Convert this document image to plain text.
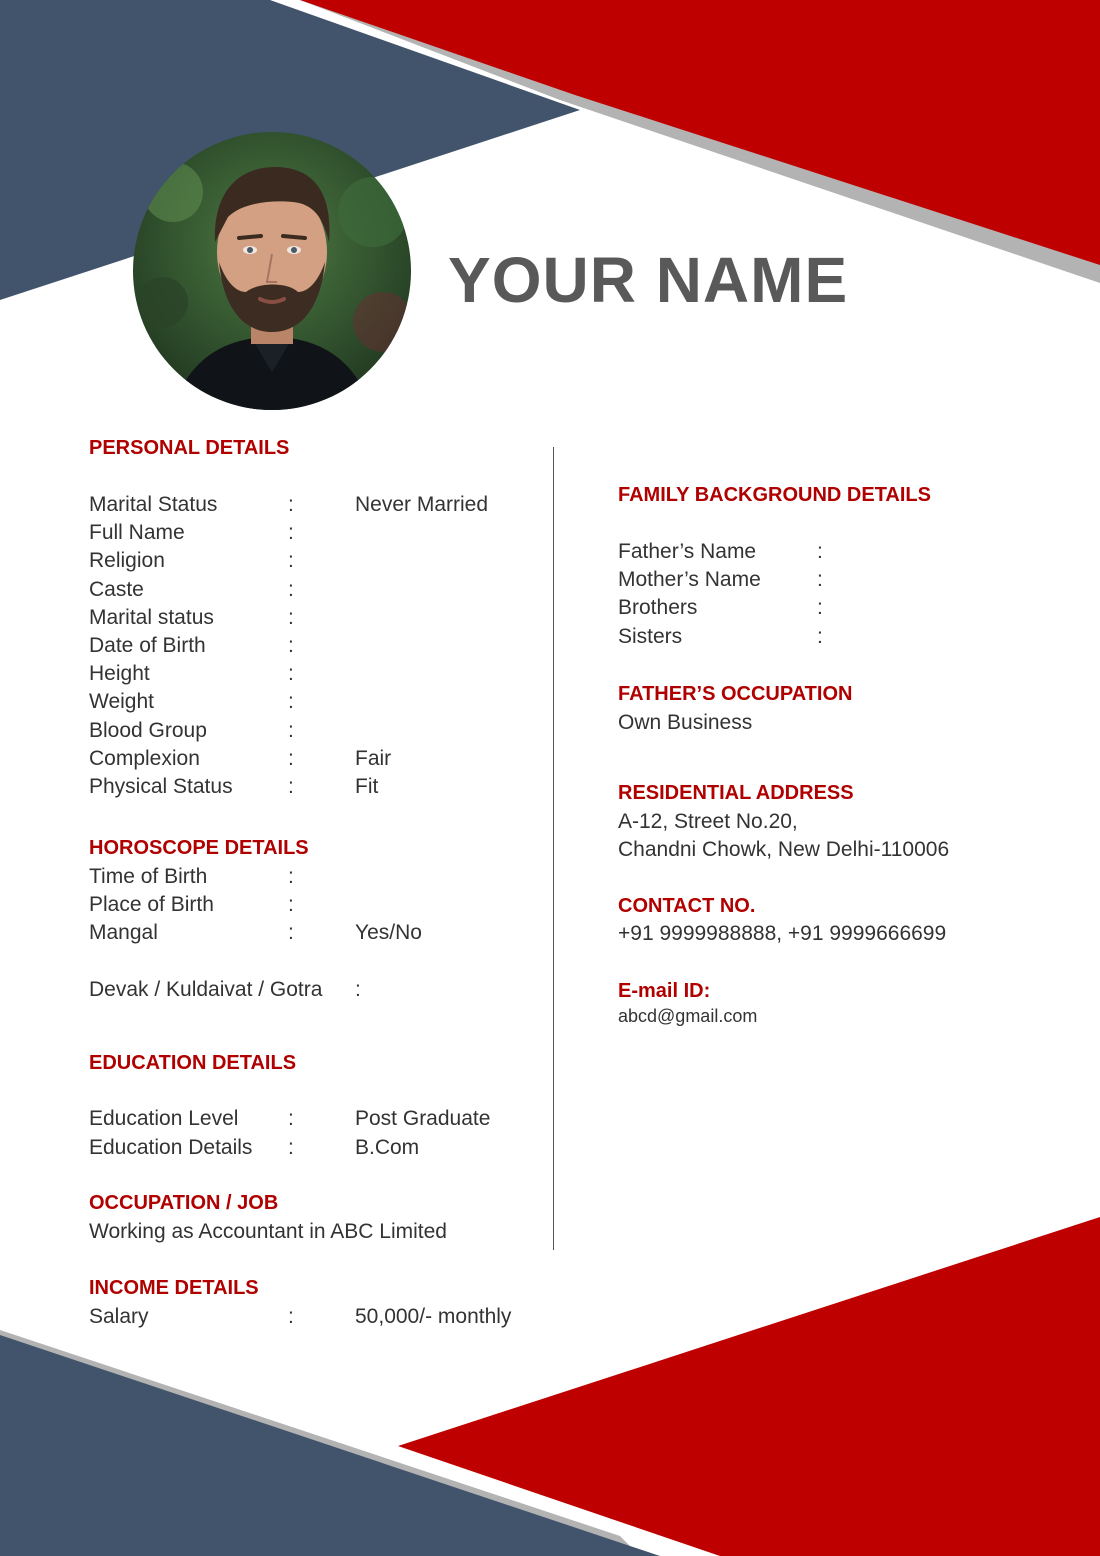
YOUR NAME
PERSONAL DETAILS
Marital Status	:	Never Married
Full Name	:
Religion	:
Caste	:
Marital status	:
Date of Birth	:
Height	:
Weight	:
Blood Group	:
Complexion	:	Fair
Physical Status	:	Fit
HOROSCOPE DETAILS
Time of Birth	:
Place of Birth	:
Mangal	:	Yes/No
Devak / Kuldaivat / Gotra :
EDUCATION DETAILS
Education Level :	Post Graduate
Education Details :	B.Com
OCCUPATION / JOB
Working as Accountant in ABC Limited
INCOME DETAILS
Salary	:	50,000/- monthly
FAMILY BACKGROUND DETAILS
Father’s Name	:
Mother’s Name	:
Brothers	:
Sisters	:
FATHER’S OCCUPATION
Own Business
RESIDENTIAL ADDRESS
A-12, Street No.20,
Chandni Chowk, New Delhi-110006
CONTACT NO.
+91 9999988888, +91 9999666699
E-mail ID:
abcd@gmail.com
